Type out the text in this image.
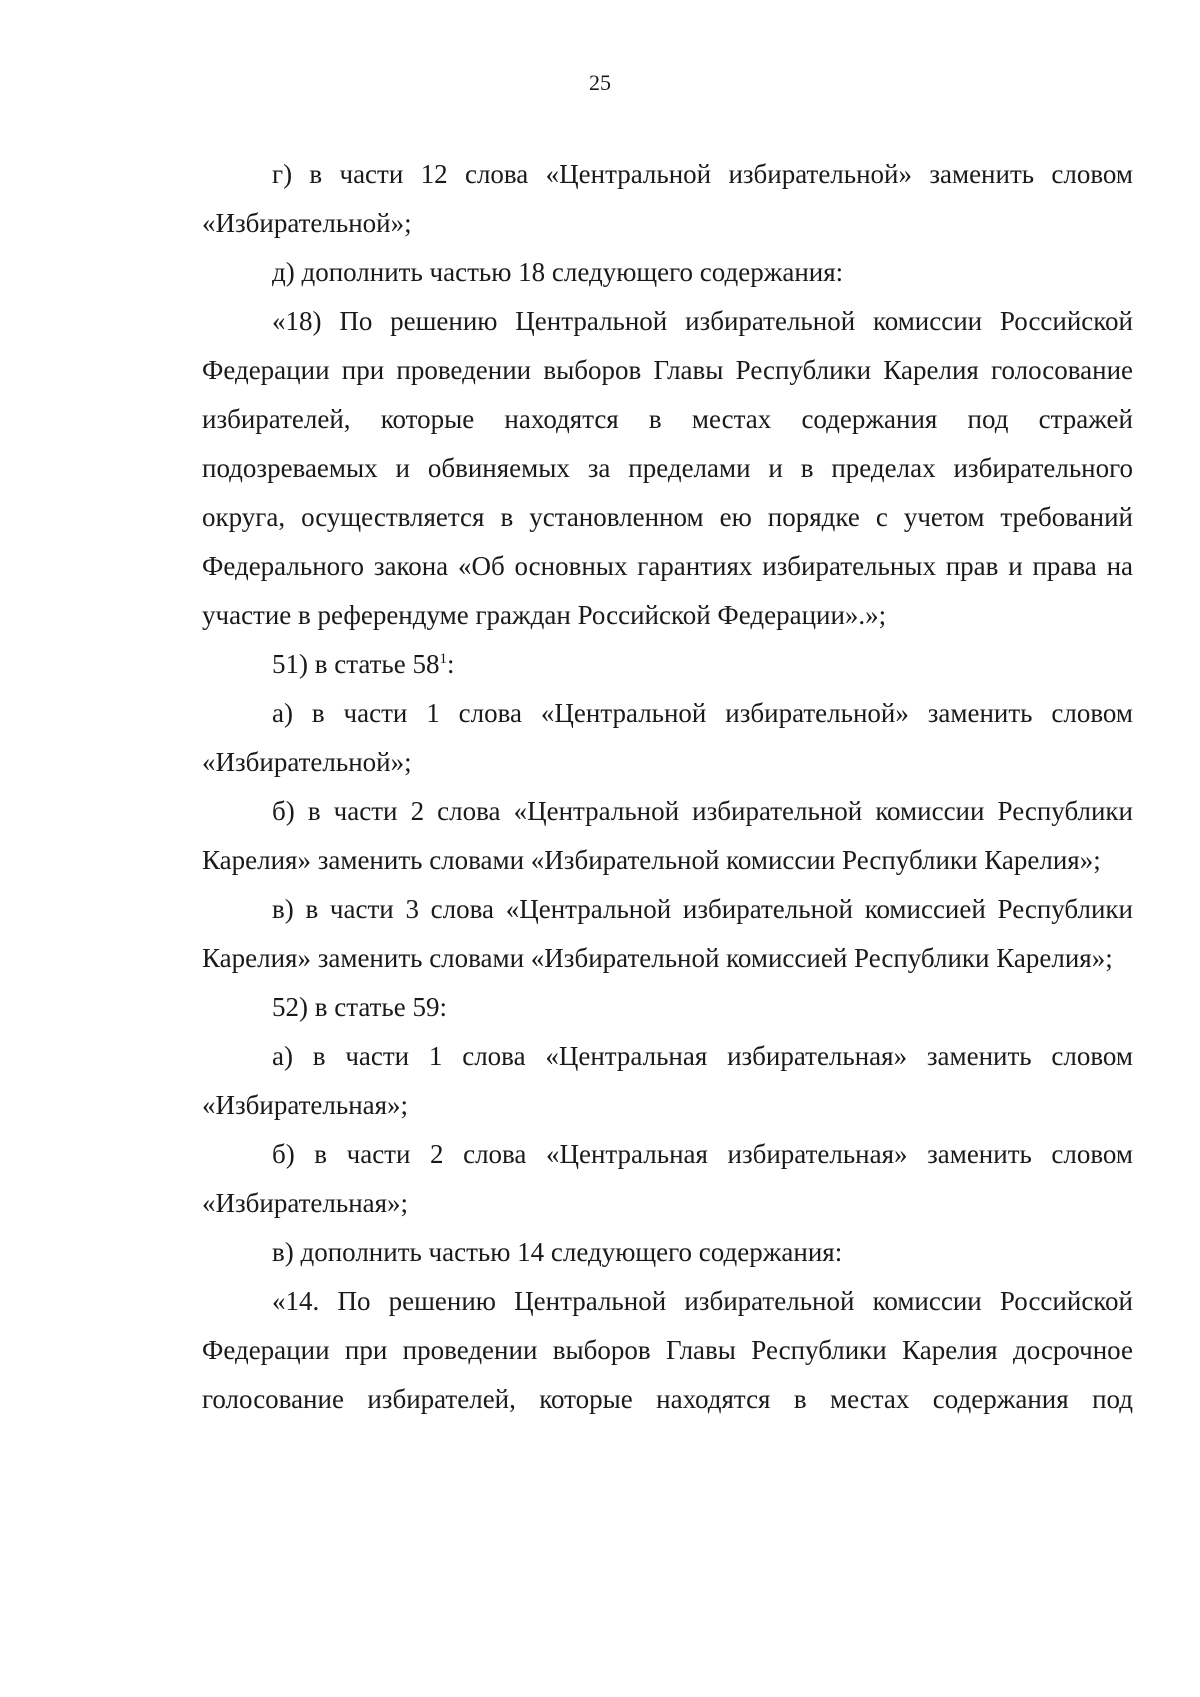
25

г) в части 12 слова «Центральной избирательной» заменить словом «Избирательной»;

д) дополнить частью 18 следующего содержания:

«18) По решению Центральной избирательной комиссии Российской Федерации при проведении выборов Главы Республики Карелия голосование избирателей, которые находятся в местах содержания под стражей подозреваемых и обвиняемых за пределами и в пределах избирательного округа, осуществляется в установленном ею порядке с учетом требований Федерального закона «Об основных гарантиях избирательных прав и права на участие в референдуме граждан Российской Федерации».»;

51) в статье $58^1$:

а) в части 1 слова «Центральной избирательной» заменить словом «Избирательной»;

б) в части 2 слова «Центральной избирательной комиссии Республики Карелия» заменить словами «Избирательной комиссии Республики Карелия»;

в) в части 3 слова «Центральной избирательной комиссией Республики Карелия» заменить словами «Избирательной комиссией Республики Карелия»;

52) в статье 59:

а) в части 1 слова «Центральная избирательная» заменить словом «Избирательная»;

б) в части 2 слова «Центральная избирательная» заменить словом «Избирательная»;

в) дополнить частью 14 следующего содержания:

«14. По решению Центральной избирательной комиссии Российской Федерации при проведении выборов Главы Республики Карелия досрочное голосование избирателей, которые находятся в местах содержания под
